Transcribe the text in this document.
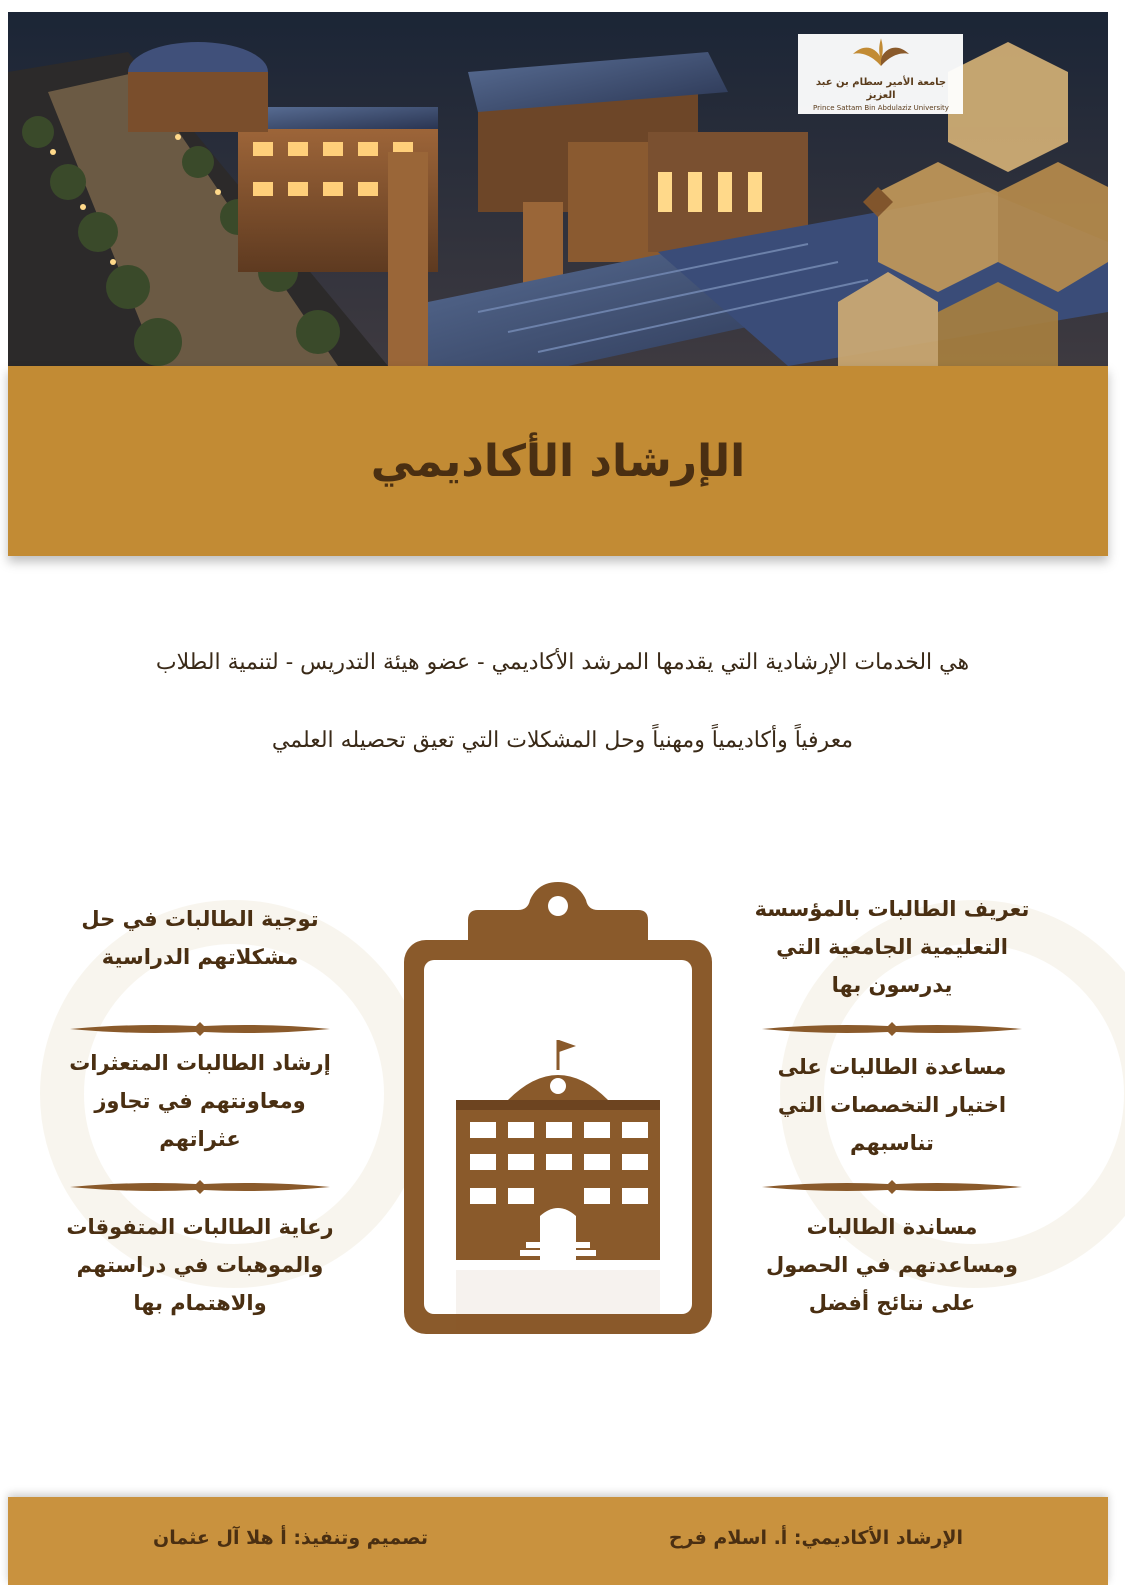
جامعة الأمير سطام بن عبد العزيز
Prince Sattam Bin Abdulaziz University
الإرشاد الأكاديمي
هي الخدمات الإرشادية التي يقدمها المرشد الأكاديمي - عضو هيئة التدريس - لتنمية الطلاب
معرفياً وأكاديمياً ومهنياً وحل المشكلات التي تعيق تحصيله العلمي
تعريف الطالبات بالمؤسسة التعليمية الجامعية التي يدرسون بها
مساعدة الطالبات على اختيار التخصصات التي تناسبهم
مساندة الطالبات ومساعدتهم في الحصول على نتائج أفضل
توجية الطالبات في حل مشكلاتهم الدراسية
إرشاد الطالبات المتعثرات ومعاونتهم في تجاوز عثراتهم
رعاية الطالبات المتفوقات والموهبات في دراستهم والاهتمام بها
الإرشاد الأكاديمي: أ. اسلام فرح
تصميم وتنفيذ: أ هلا آل عثمان
